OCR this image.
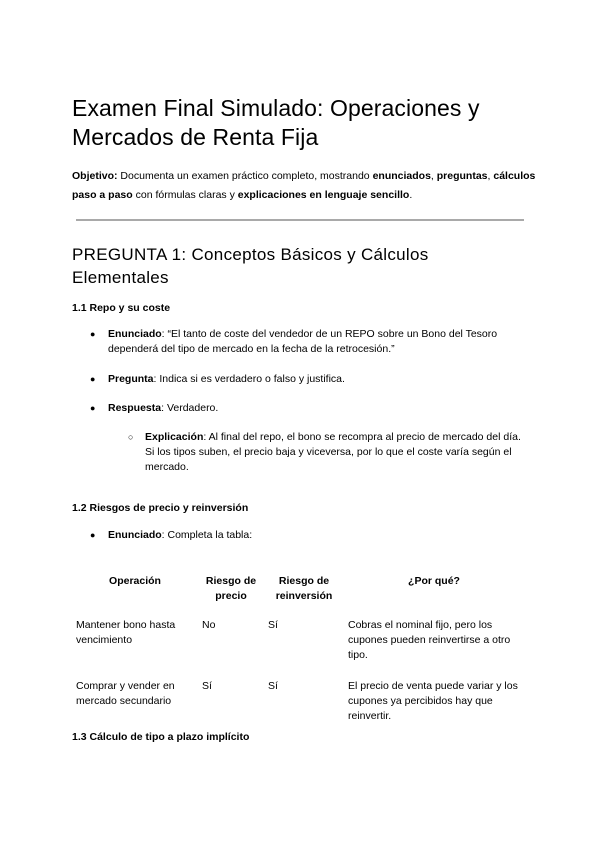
Examen Final Simulado: Operaciones y Mercados de Renta Fija

Objetivo: Documenta un examen práctico completo, mostrando enunciados, preguntas, cálculos paso a paso con fórmulas claras y explicaciones en lenguaje sencillo.

PREGUNTA 1: Conceptos Básicos y Cálculos Elementales
1.1 Repo y su coste
●	Enunciado: “El tanto de coste del vendedor de un REPO sobre un Bono del Tesoro dependerá del tipo de mercado en la fecha de la retrocesión.”
●	Pregunta: Indica si es verdadero o falso y justifica.
●	Respuesta: Verdadero.
○	Explicación: Al final del repo, el bono se recompra al precio de mercado del día. Si los tipos suben, el precio baja y viceversa, por lo que el coste varía según el mercado.
1.2 Riesgos de precio y reinversión
●	Enunciado: Completa la tabla:
Operación	Riesgo de precio	Riesgo de reinversión	¿Por qué?
Mantener bono hasta vencimiento	No	Sí	Cobras el nominal fijo, pero los cupones pueden reinvertirse a otro tipo.
Comprar y vender en mercado secundario	Sí	Sí	El precio de venta puede variar y los cupones ya percibidos hay que reinvertir.
1.3 Cálculo de tipo a plazo implícito
